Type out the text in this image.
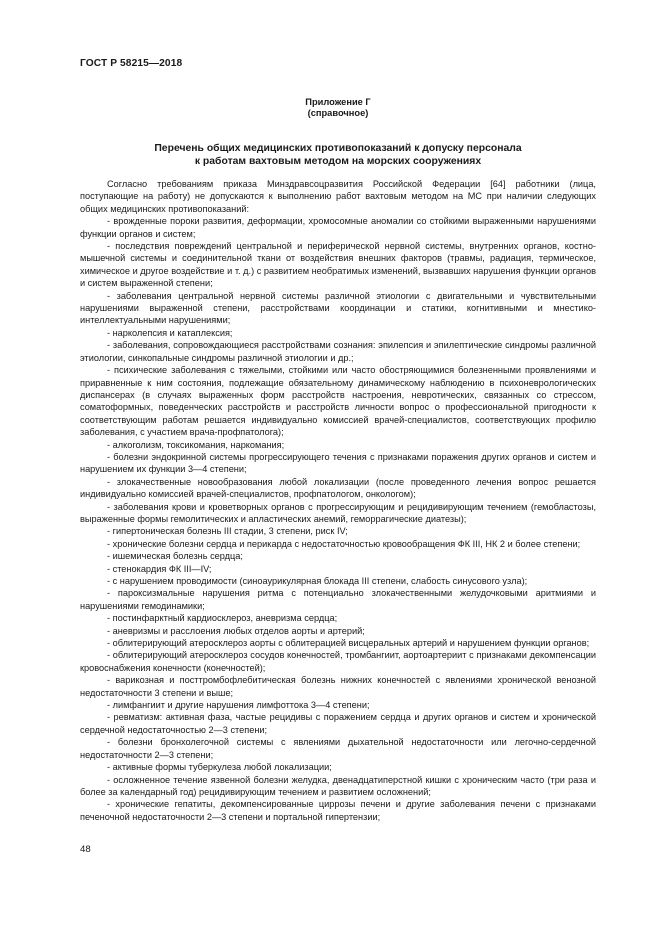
ГОСТ Р 58215—2018
Приложение Г
(справочное)
Перечень общих медицинских противопоказаний к допуску персонала
к работам вахтовым методом на морских сооружениях

Согласно требованиям приказа Минздравсоцразвития Российской Федерации [64] работники (лица, поступающие на работу) не допускаются к выполнению работ вахтовым методом на МС при наличии следующих общих медицинских противопоказаний:

- врожденные пороки развития, деформации, хромосомные аномалии со стойкими выраженными нарушениями функции органов и систем;

- последствия повреждений центральной и периферической нервной системы, внутренних органов, костно-мышечной системы и соединительной ткани от воздействия внешних факторов (травмы, радиация, термическое, химическое и другое воздействие и т. д.) с развитием необратимых изменений, вызвавших нарушения функции органов и систем выраженной степени;

- заболевания центральной нервной системы различной этиологии с двигательными и чувствительными нарушениями выраженной степени, расстройствами координации и статики, когнитивными и мнестико-интеллектуальными нарушениями;

- нарколепсия и катаплексия;

- заболевания, сопровождающиеся расстройствами сознания: эпилепсия и эпилептические синдромы различной этиологии, синкопальные синдромы различной этиологии и др.;

- психические заболевания с тяжелыми, стойкими или часто обостряющимися болезненными проявлениями и приравненные к ним состояния, подлежащие обязательному динамическому наблюдению в психоневрологических диспансерах (в случаях выраженных форм расстройств настроения, невротических, связанных со стрессом, соматоформных, поведенческих расстройств и расстройств личности вопрос о профессиональной пригодности к соответствующим работам решается индивидуально комиссией врачей-специалистов, соответствующих профилю заболевания, с участием врача-профпатолога);

- алкоголизм, токсикомания, наркомания;

- болезни эндокринной системы прогрессирующего течения с признаками поражения других органов и систем и нарушением их функции 3—4 степени;

- злокачественные новообразования любой локализации (после проведенного лечения вопрос решается индивидуально комиссией врачей-специалистов, профпатологом, онкологом);

- заболевания крови и кроветворных органов с прогрессирующим и рецидивирующим течением (гемобластозы, выраженные формы гемолитических и апластических анемий, геморрагические диатезы);

- гипертоническая болезнь III стадии, 3 степени, риск IV;

- хронические болезни сердца и перикарда с недостаточностью кровообращения ФК III, НК 2 и более степени;

- ишемическая болезнь сердца;

- стенокардия ФК III—IV;

- с нарушением проводимости (синоаурикулярная блокада III степени, слабость синусового узла);

- пароксизмальные нарушения ритма с потенциально злокачественными желудочковыми аритмиями и нарушениями гемодинамики;

- постинфарктный кардиосклероз, аневризма сердца;

- аневризмы и расслоения любых отделов аорты и артерий;

- облитерирующий атеросклероз аорты с облитерацией висцеральных артерий и нарушением функции органов;

- облитерирующий атеросклероз сосудов конечностей, тромбангиит, аортоартериит с признаками декомпенсации кровоснабжения конечности (конечностей);

- варикозная и посттромбофлебитическая болезнь нижних конечностей с явлениями хронической венозной недостаточности 3 степени и выше;

- лимфангиит и другие нарушения лимфоттока 3—4 степени;

- ревматизм: активная фаза, частые рецидивы с поражением сердца и других органов и систем и хронической сердечной недостаточностью 2—3 степени;

- болезни бронхолегочной системы с явлениями дыхательной недостаточности или легочно-сердечной недостаточности 2—3 степени;

- активные формы туберкулеза любой локализации;

- осложненное течение язвенной болезни желудка, двенадцатиперстной кишки с хроническим часто (три раза и более за календарный год) рецидивирующим течением и развитием осложнений;

- хронические гепатиты, декомпенсированные циррозы печени и другие заболевания печени с признаками печеночной недостаточности 2—3 степени и портальной гипертензии;

48
